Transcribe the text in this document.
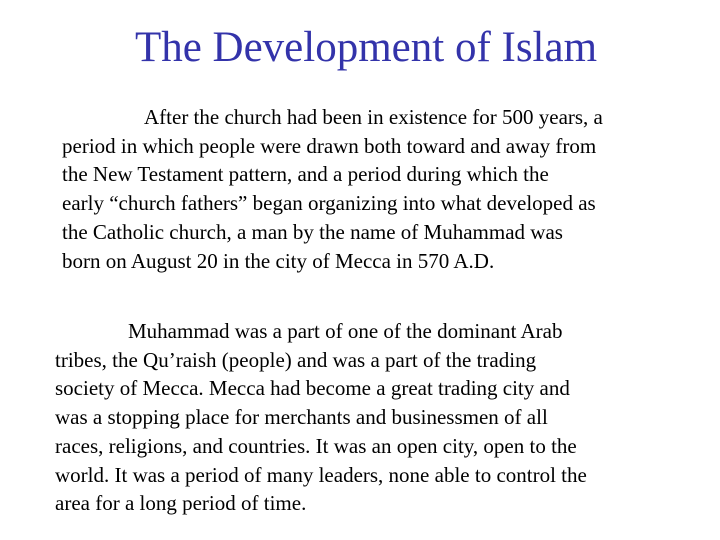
The Development of Islam

After the church had been in existence for 500 years, a
period in which people were drawn both toward and away from
the New Testament pattern, and a period during which the
early “church fathers” began organizing into what developed as
the Catholic church, a man by the name of Muhammad was
born on August 20 in the city of Mecca in 570 A.D.

Muhammad was a part of one of the dominant Arab
tribes, the Qu’raish (people) and was a part of the trading
society of Mecca. Mecca had become a great trading city and
was a stopping place for merchants and businessmen of all
races, religions, and countries. It was an open city, open to the
world. It was a period of many leaders, none able to control the
area for a long period of time.
